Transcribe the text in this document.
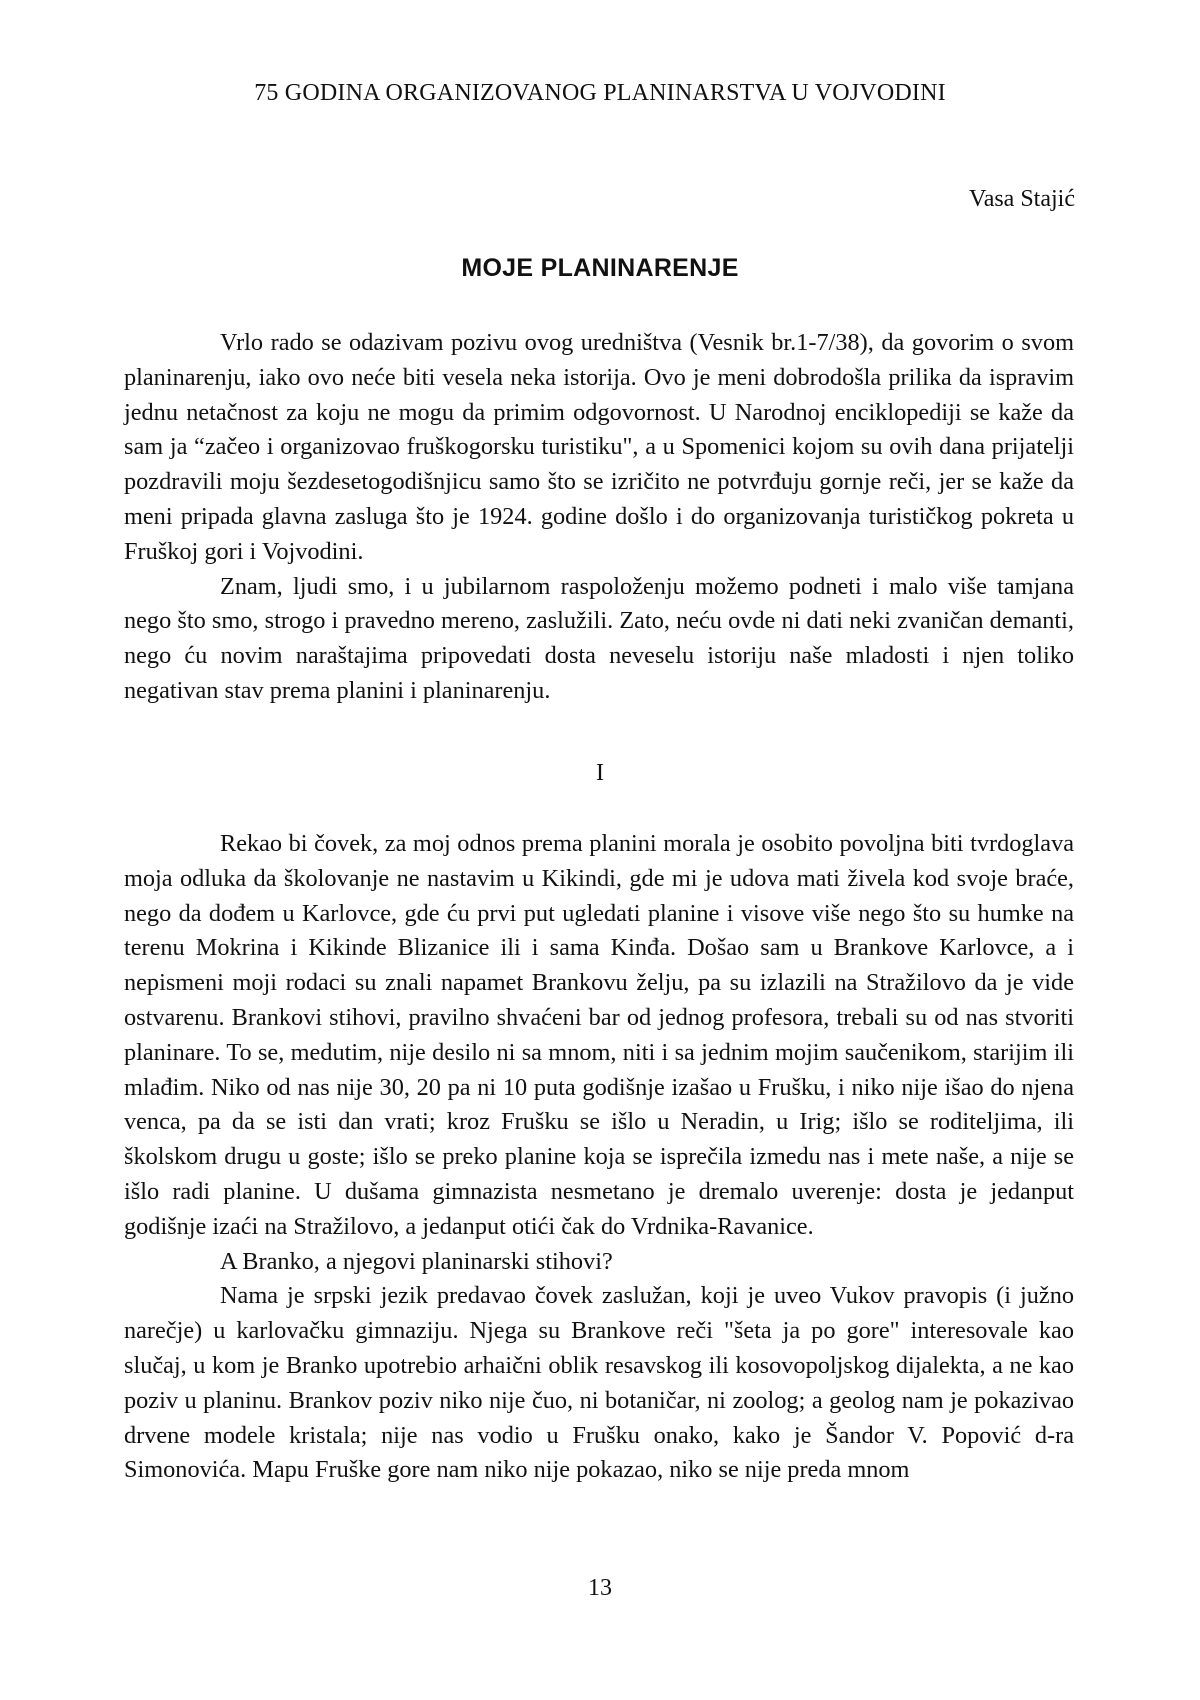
75 GODINA ORGANIZOVANOG PLANINARSTVA U VOJVODINI
Vasa Stajić
MOJE PLANINARENJE

Vrlo rado se odazivam pozivu ovog uredništva (Vesnik br.1-7/38), da govorim o svom planinarenju, iako ovo neće biti vesela neka istorija. Ovo je meni dobrodošla prilika da ispravim jednu netačnost za koju ne mogu da primim odgovornost. U Narodnoj enciklopediji se kaže da sam ja “začeo i organizovao fruškogorsku turistiku", a u Spomenici kojom su ovih dana prijatelji pozdravili moju šezdesetogodišnjicu samo što se izričito ne potvrđuju gornje reči, jer se kaže da meni pripada glavna zasluga što je 1924. godine došlo i do organizovanja turističkog pokreta u Fruškoj gori i Vojvodini.

Znam, ljudi smo, i u jubilarnom raspoloženju možemo podneti i malo više tamjana nego što smo, strogo i pravedno mereno, zaslužili. Zato, neću ovde ni dati neki zvaničan demanti, nego ću novim naraštajima pripovedati dosta neveselu istoriju naše mladosti i njen toliko negativan stav prema planini i planinarenju.

I

Rekao bi čovek, za moj odnos prema planini morala je osobito povoljna biti tvrdoglava moja odluka da školovanje ne nastavim u Kikindi, gde mi je udova mati živela kod svoje braće, nego da dođem u Karlovce, gde ću prvi put ugledati planine i visove više nego što su humke na terenu Mokrina i Kikinde Blizanice ili i sama Kinđa. Došao sam u Brankove Karlovce, a i nepismeni moji rodaci su znali napamet Brankovu želju, pa su izlazili na Stražilovo da je vide ostvarenu. Brankovi stihovi, pravilno shvaćeni bar od jednog profesora, trebali su od nas stvoriti planinare. To se, medutim, nije desilo ni sa mnom, niti i sa jednim mojim saučenikom, starijim ili mlađim. Niko od nas nije 30, 20 pa ni 10 puta godišnje izašao u Frušku, i niko nije išao do njena venca, pa da se isti dan vrati; kroz Frušku se išlo u Neradin, u Irig; išlo se roditeljima, ili školskom drugu u goste; išlo se preko planine koja se isprečila izmedu nas i mete naše, a nije se išlo radi planine. U dušama gimnazista nesmetano je dremalo uverenje: dosta je jedanput godišnje izaći na Stražilovo, a jedanput otići čak do Vrdnika-Ravanice.

A Branko, a njegovi planinarski stihovi?

Nama je srpski jezik predavao čovek zaslužan, koji je uveo Vukov pravopis (i južno narečje) u karlovačku gimnaziju. Njega su Brankove reči "šeta ja po gore" interesovale kao slučaj, u kom je Branko upotrebio arhaični oblik resavskog ili kosovopoljskog dijalekta, a ne kao poziv u planinu. Brankov poziv niko nije čuo, ni botaničar, ni zoolog; a geolog nam je pokazivao drvene modele kristala; nije nas vodio u Frušku onako, kako je Šandor V. Popović d-ra Simonovića. Mapu Fruške gore nam niko nije pokazao, niko se nije preda mnom

13
